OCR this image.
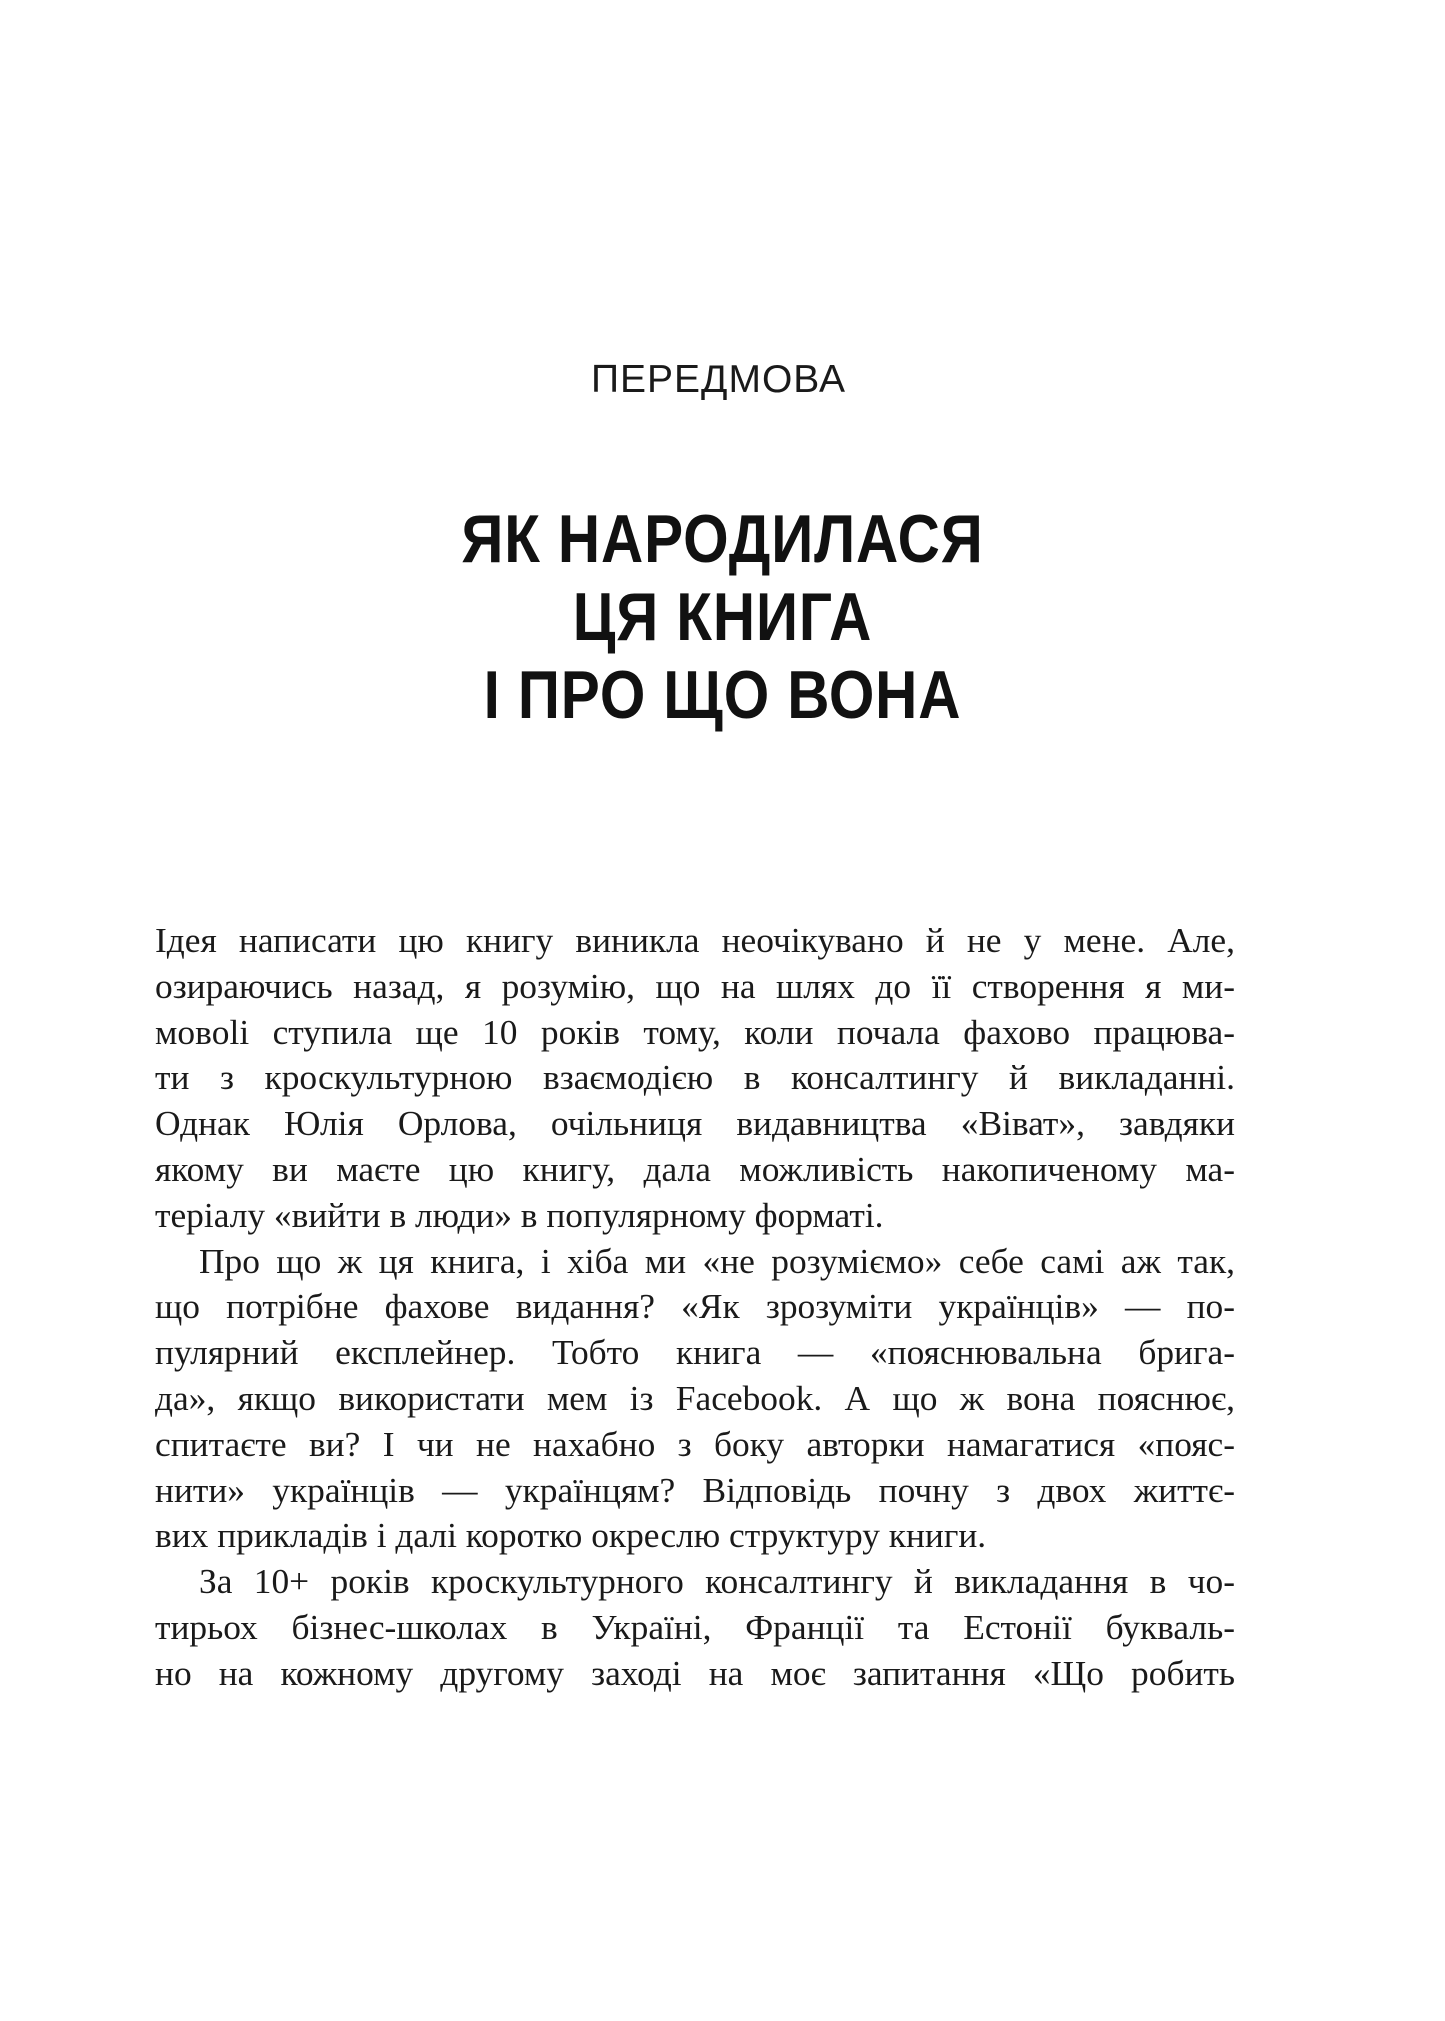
ПЕРЕДМОВА
ЯК НАРОДИЛАСЯ
ЦЯ КНИГА
І ПРО ЩО ВОНА

Ідея написати цю книгу виникла неочікувано й не у мене. Але,
озираючись назад, я розумію, що на шлях до її створення я ми-
мовolі ступила ще 10 років тому, коли почала фахово працюва-
ти з кроскультурною взаємодією в консалтингу й викладанні.
Однак Юлія Орлова, очільниця видавництва «Віват», завдяки
якому ви маєте цю книгу, дала можливість накопиченому ма-
теріалу «вийти в люди» в популярному форматі.

Про що ж ця книга, і хіба ми «не розуміємо» себе самі аж так,
що потрібне фахове видання? «Як зрозуміти українців» — по-
пулярний експлейнер. Тобто книга — «пояснювальна брига-
да», якщо використати мем із Facebook. А що ж вона пояснює,
спитаєте ви? І чи не нахабно з боку авторки намагатися «пояс-
нити» українців — українцям? Відповідь почну з двох життє-
вих прикладів і далі коротко окреслю структуру книги.

За 10+ років кроскультурного консалтингу й викладання в чо-
тирьох бізнес-школах в Україні, Франції та Естонії букваль-
но на кожному другому заході на моє запитання «Що робить
